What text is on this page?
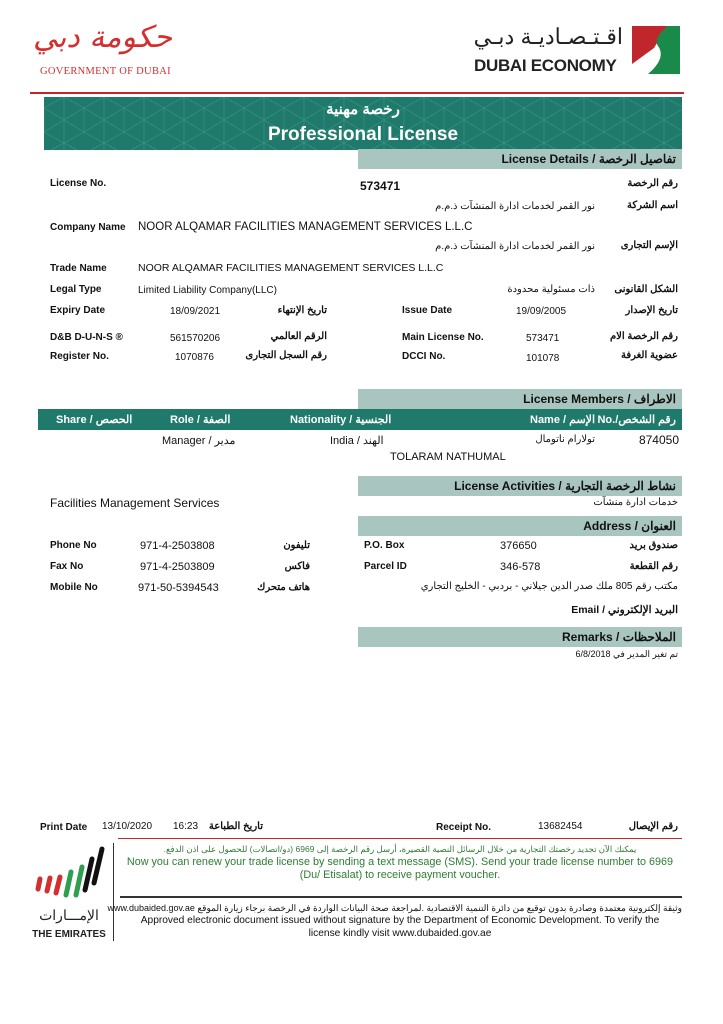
حكومة دبي
GOVERNMENT OF DUBAI
اقـتـصـاديـة دبـي
DUBAI ECONOMY
رخصة مهنية
Professional License
License Details / تفاصيل الرخصة
License No.	573471	رقم الرخصة
نور القمر لخدمات ادارة المنشآت ذ.م.م	اسم الشركة
Company Name NOOR ALQAMAR FACILITIES MANAGEMENT SERVICES L.L.C
نور القمر لخدمات ادارة المنشآت ذ.م.م	الإسم التجارى
Trade Name	NOOR ALQAMAR FACILITIES MANAGEMENT SERVICES L.L.C
Legal Type	Limited Liability Company(LLC)	ذات مسئولية محدودة الشكل القانونى
Expiry Date	18/09/2021	تاريخ الإنتهاء	Issue Date	19/09/2005	تاريخ الإصدار
D&B D-U-N-S ®	561570206	الرقم العالمي	Main License No.	573471	رقم الرخصة الام
Register No.	1070876	رقم السجل التجارى	DCCI No.	101078	عضوية الغرفة
License Members / الاطراف
Share / الحصص	Role / الصفة	Nationality / الجنسية	Name / الإسم No./رقم الشخص
Manager / مدير	India / الهند	تولارام ناتومال	874050
TOLARAM NATHUMAL
License Activities / نشاط الرخصة التجارية
Facilities Management Services	خدمات ادارة منشآت
Address / العنوان
Phone No	971-4-2503808	تليفون	P.O. Box	376650	صندوق بريد
Fax No	971-4-2503809	فاكس	Parcel ID	346-578	رقم القطعة
Mobile No	971-50-5394543	هاتف متحرك	مكتب رقم 805 ملك صدر الدين جيلاني - بردبي - الخليج التجاري
Email / البريد الإلكتروني
Remarks / الملاحظات
تم تغير المدير في 6/8/2018
Print Date 13/10/2020 16:23 تاريخ الطباعة	Receipt No.	13682454	رقم الإيصال
يمكنك الآن تجديد رخصتك التجارية من خلال الرسائل النصية القصيرة، أرسل رقم الرخصة إلى 6969 (دو/اتصالات) للحصول على اذن الدفع.
Now you can renew your trade license by sending a text message (SMS). Send your trade license number to 6969
(Du/ Etisalat) to receive payment voucher.
وثيقة إلكترونية معتمدة وصادرة بدون توقيع من دائرة التنمية الاقتصادية .لمراجعة صحة البيانات الواردة في الرخصة برجاء زيارة الموقع www.dubaided.gov.ae
Approved electronic document issued without signature by the Department of Economic Development. To verify the
license kindly visit www.dubaided.gov.ae
الإمـــارات
THE EMIRATES
